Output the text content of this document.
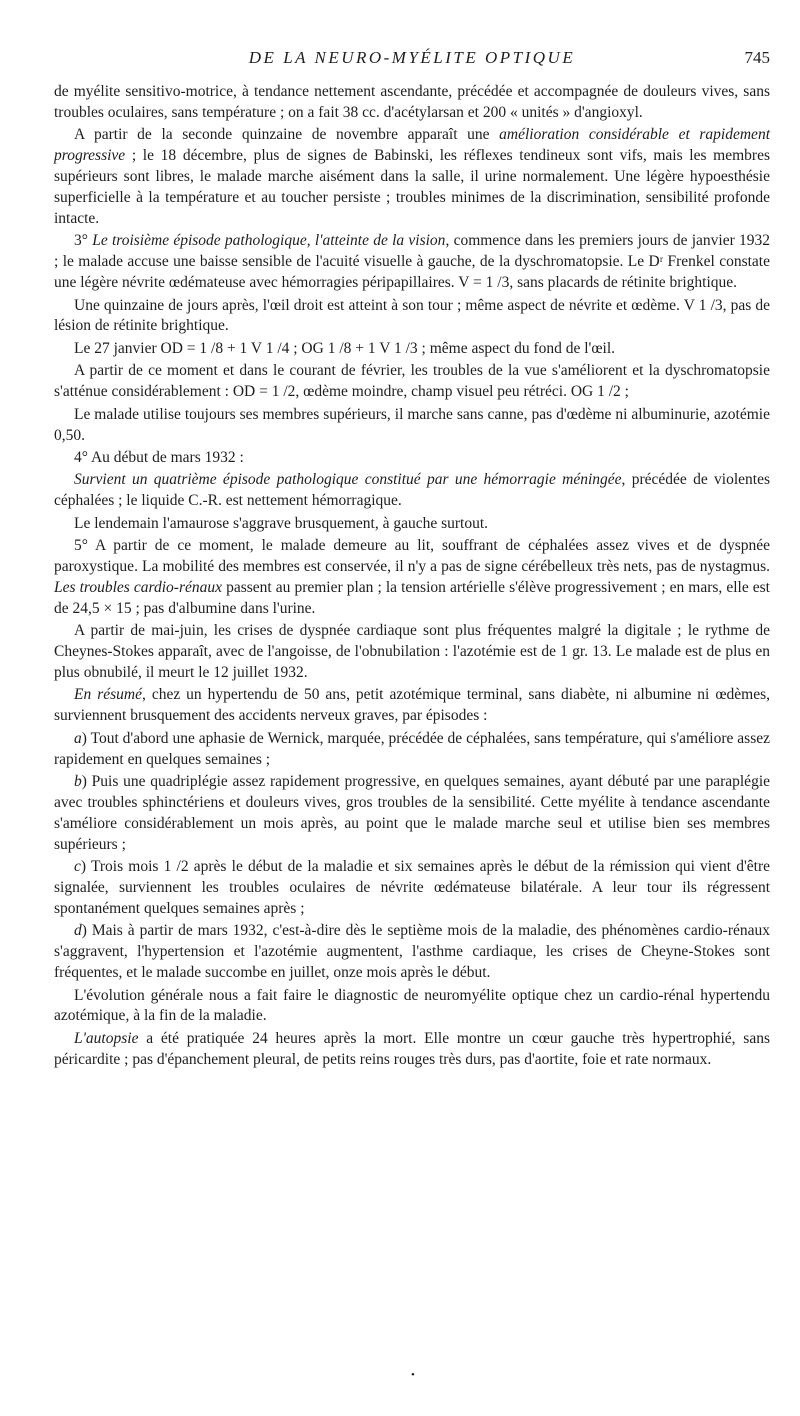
DE LA NEURO-MYÉLITE OPTIQUE	745

de myélite sensitivo-motrice, à tendance nettement ascendante, précédée et accompagnée de douleurs vives, sans troubles oculaires, sans température ; on a fait 38 cc. d'acétylarsan et 200 « unités » d'angioxyl.

A partir de la seconde quinzaine de novembre apparaît une amélioration considérable et rapidement progressive ; le 18 décembre, plus de signes de Babinski, les réflexes tendineux sont vifs, mais les membres supérieurs sont libres, le malade marche aisément dans la salle, il urine normalement. Une légère hypoesthésie superficielle à la température et au toucher persiste ; troubles minimes de la discrimination, sensibilité profonde intacte.

3° Le troisième épisode pathologique, l'atteinte de la vision, commence dans les premiers jours de janvier 1932 ; le malade accuse une baisse sensible de l'acuité visuelle à gauche, de la dyschromatopsie. Le Dʳ Frenkel constate une légère névrite œdémateuse avec hémorragies péripapillaires. V = 1 /3, sans placards de rétinite brightique.

Une quinzaine de jours après, l'œil droit est atteint à son tour ; même aspect de névrite et œdème. V 1 /3, pas de lésion de rétinite brightique.

Le 27 janvier OD = 1 /8 + 1 V 1 /4 ; OG 1 /8 + 1 V 1 /3 ; même aspect du fond de l'œil.

A partir de ce moment et dans le courant de février, les troubles de la vue s'améliorent et la dyschromatopsie s'atténue considérablement : OD = 1 /2, œdème moindre, champ visuel peu rétréci. OG 1 /2 ;

Le malade utilise toujours ses membres supérieurs, il marche sans canne, pas d'œdème ni albuminurie, azotémie 0,50.

4° Au début de mars 1932 :

Survient un quatrième épisode pathologique constitué par une hémorragie méningée, précédée de violentes céphalées ; le liquide C.-R. est nettement hémorragique.

Le lendemain l'amaurose s'aggrave brusquement, à gauche surtout.

5° A partir de ce moment, le malade demeure au lit, souffrant de céphalées assez vives et de dyspnée paroxystique. La mobilité des membres est conservée, il n'y a pas de signe cérébelleux très nets, pas de nystagmus. Les troubles cardio-rénaux passent au premier plan ; la tension artérielle s'élève progressivement ; en mars, elle est de 24,5 × 15 ; pas d'albumine dans l'urine.

A partir de mai-juin, les crises de dyspnée cardiaque sont plus fréquentes malgré la digitale ; le rythme de Cheynes-Stokes apparaît, avec de l'angoisse, de l'obnubilation : l'azotémie est de 1 gr. 13. Le malade est de plus en plus obnubilé, il meurt le 12 juillet 1932.

En résumé, chez un hypertendu de 50 ans, petit azotémique terminal, sans diabète, ni albumine ni œdèmes, surviennent brusquement des accidents nerveux graves, par épisodes :

a) Tout d'abord une aphasie de Wernick, marquée, précédée de céphalées, sans température, qui s'améliore assez rapidement en quelques semaines ;

b) Puis une quadriplégie assez rapidement progressive, en quelques semaines, ayant débuté par une paraplégie avec troubles sphinctériens et douleurs vives, gros troubles de la sensibilité. Cette myélite à tendance ascendante s'améliore considérablement un mois après, au point que le malade marche seul et utilise bien ses membres supérieurs ;

c) Trois mois 1 /2 après le début de la maladie et six semaines après le début de la rémission qui vient d'être signalée, surviennent les troubles oculaires de névrite œdémateuse bilatérale. A leur tour ils régressent spontanément quelques semaines après ;

d) Mais à partir de mars 1932, c'est-à-dire dès le septième mois de la maladie, des phénomènes cardio-rénaux s'aggravent, l'hypertension et l'azotémie augmentent, l'asthme cardiaque, les crises de Cheyne-Stokes sont fréquentes, et le malade succombe en juillet, onze mois après le début.

L'évolution générale nous a fait faire le diagnostic de neuromyélite optique chez un cardio-rénal hypertendu azotémique, à la fin de la maladie.

L'autopsie a été pratiquée 24 heures après la mort. Elle montre un cœur gauche très hypertrophié, sans péricardite ; pas d'épanchement pleural, de petits reins rouges très durs, pas d'aortite, foie et rate normaux.

•
